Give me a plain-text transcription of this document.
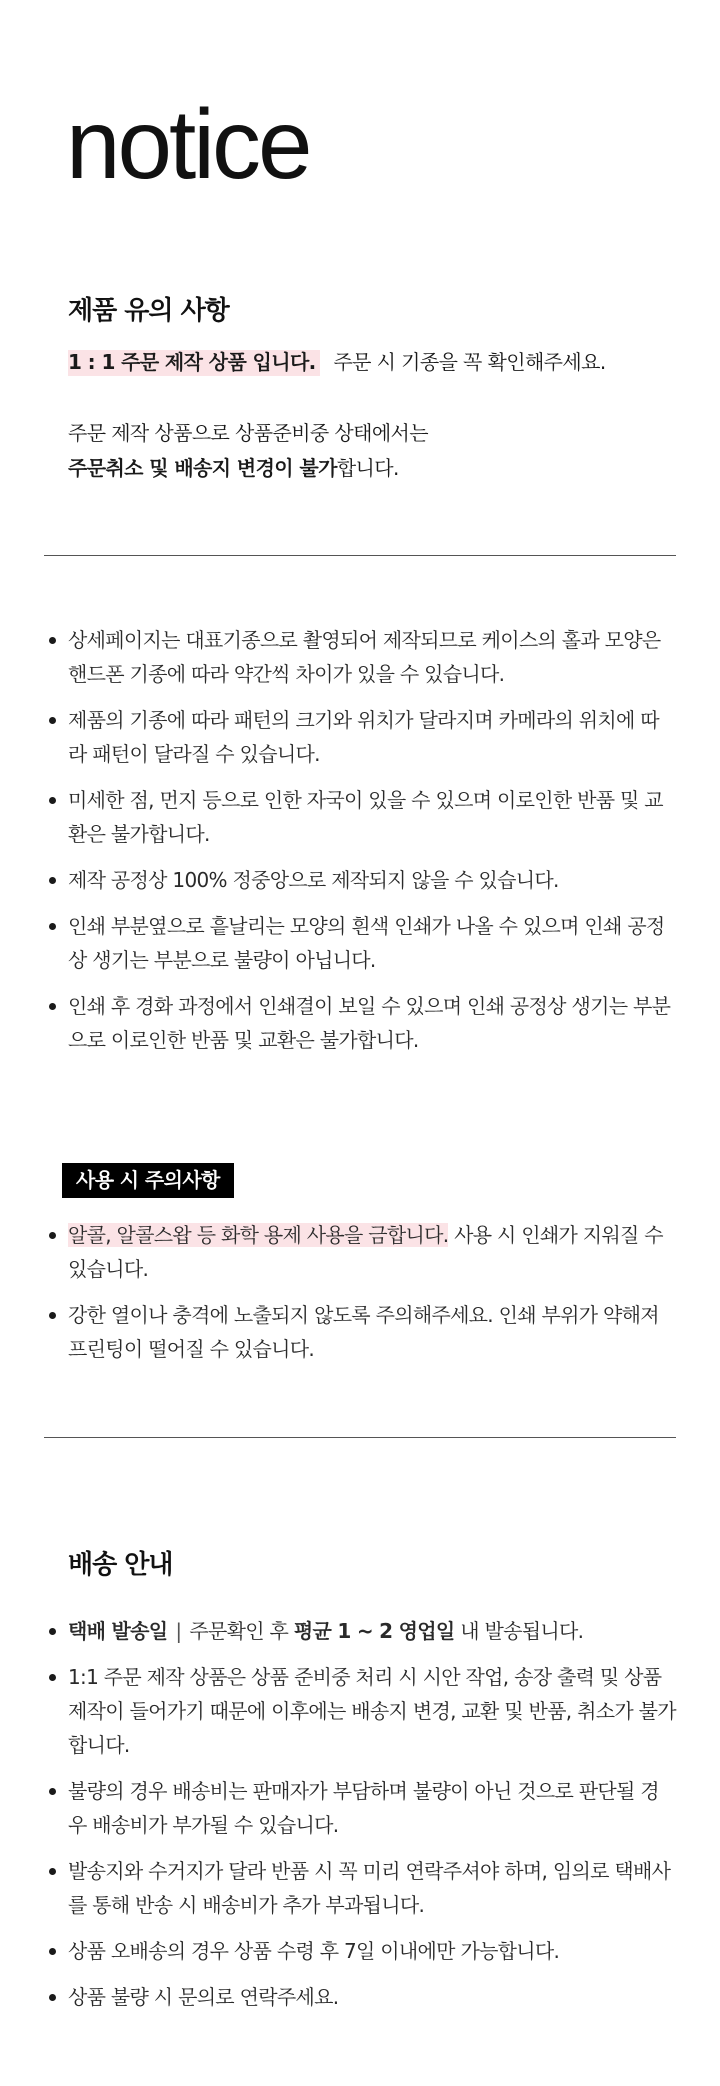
notice
제품 유의 사항
1 : 1 주문 제작 상품 입니다. 주문 시 기종을 꼭 확인해주세요.
주문 제작 상품으로 상품준비중 상태에서는
주문취소 및 배송지 변경이 불가합니다.
상세페이지는 대표기종으로 촬영되어 제작되므로 케이스의 홀과 모양은 핸드폰 기종에 따라 약간씩 차이가 있을 수 있습니다.
제품의 기종에 따라 패턴의 크기와 위치가 달라지며 카메라의 위치에 따라 패턴이 달라질 수 있습니다.
미세한 점, 먼지 등으로 인한 자국이 있을 수 있으며 이로인한 반품 및 교환은 불가합니다.
제작 공정상 100% 정중앙으로 제작되지 않을 수 있습니다.
인쇄 부분옆으로 흩날리는 모양의 흰색 인쇄가 나올 수 있으며 인쇄 공정상 생기는 부분으로 불량이 아닙니다.
인쇄 후 경화 과정에서 인쇄결이 보일 수 있으며 인쇄 공정상 생기는 부분으로 이로인한 반품 및 교환은 불가합니다.
사용 시 주의사항
알콜, 알콜스왑 등 화학 용제 사용을 금합니다. 사용 시 인쇄가 지워질 수 있습니다.
강한 열이나 충격에 노출되지 않도록 주의해주세요. 인쇄 부위가 약해져 프린팅이 떨어질 수 있습니다.
배송 안내
택배 발송일 | 주문확인 후 평균 1 ~ 2 영업일 내 발송됩니다.
1:1 주문 제작 상품은 상품 준비중 처리 시 시안 작업, 송장 출력 및 상품 제작이 들어가기 때문에 이후에는 배송지 변경, 교환 및 반품, 취소가 불가합니다.
불량의 경우 배송비는 판매자가 부담하며 불량이 아닌 것으로 판단될 경우 배송비가 부가될 수 있습니다.
발송지와 수거지가 달라 반품 시 꼭 미리 연락주셔야 하며, 임의로 택배사를 통해 반송 시 배송비가 추가 부과됩니다.
상품 오배송의 경우 상품 수령 후 7일 이내에만 가능합니다.
상품 불량 시 문의로 연락주세요.
